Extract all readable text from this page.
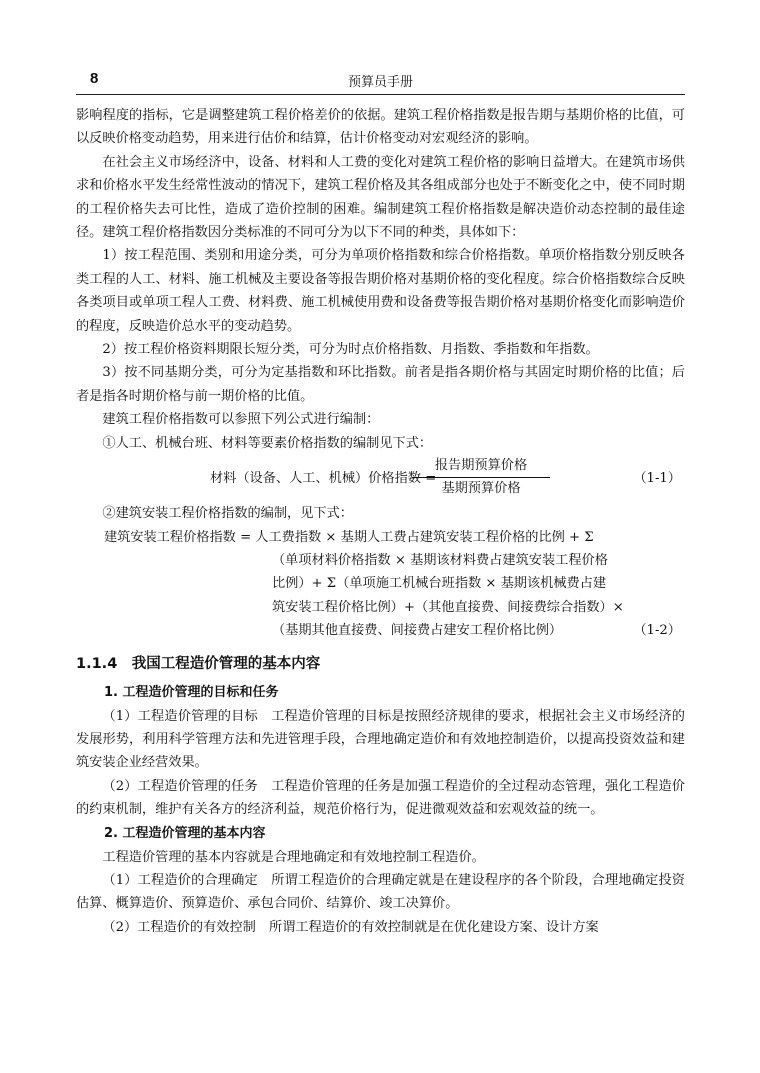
8	预算员手册

影响程度的指标，它是调整建筑工程价格差价的依据。建筑工程价格指数是报告期与基期价格的比值，可以反映价格变动趋势，用来进行估价和结算，估计价格变动对宏观经济的影响。

在社会主义市场经济中，设备、材料和人工费的变化对建筑工程价格的影响日益增大。在建筑市场供求和价格水平发生经常性波动的情况下，建筑工程价格及其各组成部分也处于不断变化之中，使不同时期的工程价格失去可比性，造成了造价控制的困难。编制建筑工程价格指数是解决造价动态控制的最佳途径。建筑工程价格指数因分类标准的不同可分为以下不同的种类，具体如下：

1）按工程范围、类别和用途分类，可分为单项价格指数和综合价格指数。单项价格指数分别反映各类工程的人工、材料、施工机械及主要设备等报告期价格对基期价格的变化程度。综合价格指数综合反映各类项目或单项工程人工费、材料费、施工机械使用费和设备费等报告期价格对基期价格变化而影响造价的程度，反映造价总水平的变动趋势。

2）按工程价格资料期限长短分类，可分为时点价格指数、月指数、季指数和年指数。

3）按不同基期分类，可分为定基指数和环比指数。前者是指各期价格与其固定时期价格的比值；后者是指各时期价格与前一期价格的比值。

建筑工程价格指数可以参照下列公式进行编制：

①人工、机械台班、材料等要素价格指数的编制见下式：

材料（设备、人工、机械）价格指数 =
报告期预算价格
基期预算价格
（1-1）

②建筑安装工程价格指数的编制，见下式：

建筑安装工程价格指数 = 人工费指数 × 基期人工费占建筑安装工程价格的比例 + Σ
（单项材料价格指数 × 基期该材料费占建筑安装工程价格
比例）+ Σ（单项施工机械台班指数 × 基期该机械费占建
筑安装工程价格比例）+（其他直接费、间接费综合指数）×
（基期其他直接费、间接费占建安工程价格比例）	（1-2）
1.1.4　我国工程造价管理的基本内容
1. 工程造价管理的目标和任务

（1）工程造价管理的目标　工程造价管理的目标是按照经济规律的要求，根据社会主义市场经济的发展形势，利用科学管理方法和先进管理手段，合理地确定造价和有效地控制造价，以提高投资效益和建筑安装企业经营效果。

（2）工程造价管理的任务　工程造价管理的任务是加强工程造价的全过程动态管理，强化工程造价的约束机制，维护有关各方的经济利益，规范价格行为，促进微观效益和宏观效益的统一。

2. 工程造价管理的基本内容

工程造价管理的基本内容就是合理地确定和有效地控制工程造价。

（1）工程造价的合理确定　所谓工程造价的合理确定就是在建设程序的各个阶段，合理地确定投资估算、概算造价、预算造价、承包合同价、结算价、竣工决算价。

（2）工程造价的有效控制　所谓工程造价的有效控制就是在优化建设方案、设计方案
